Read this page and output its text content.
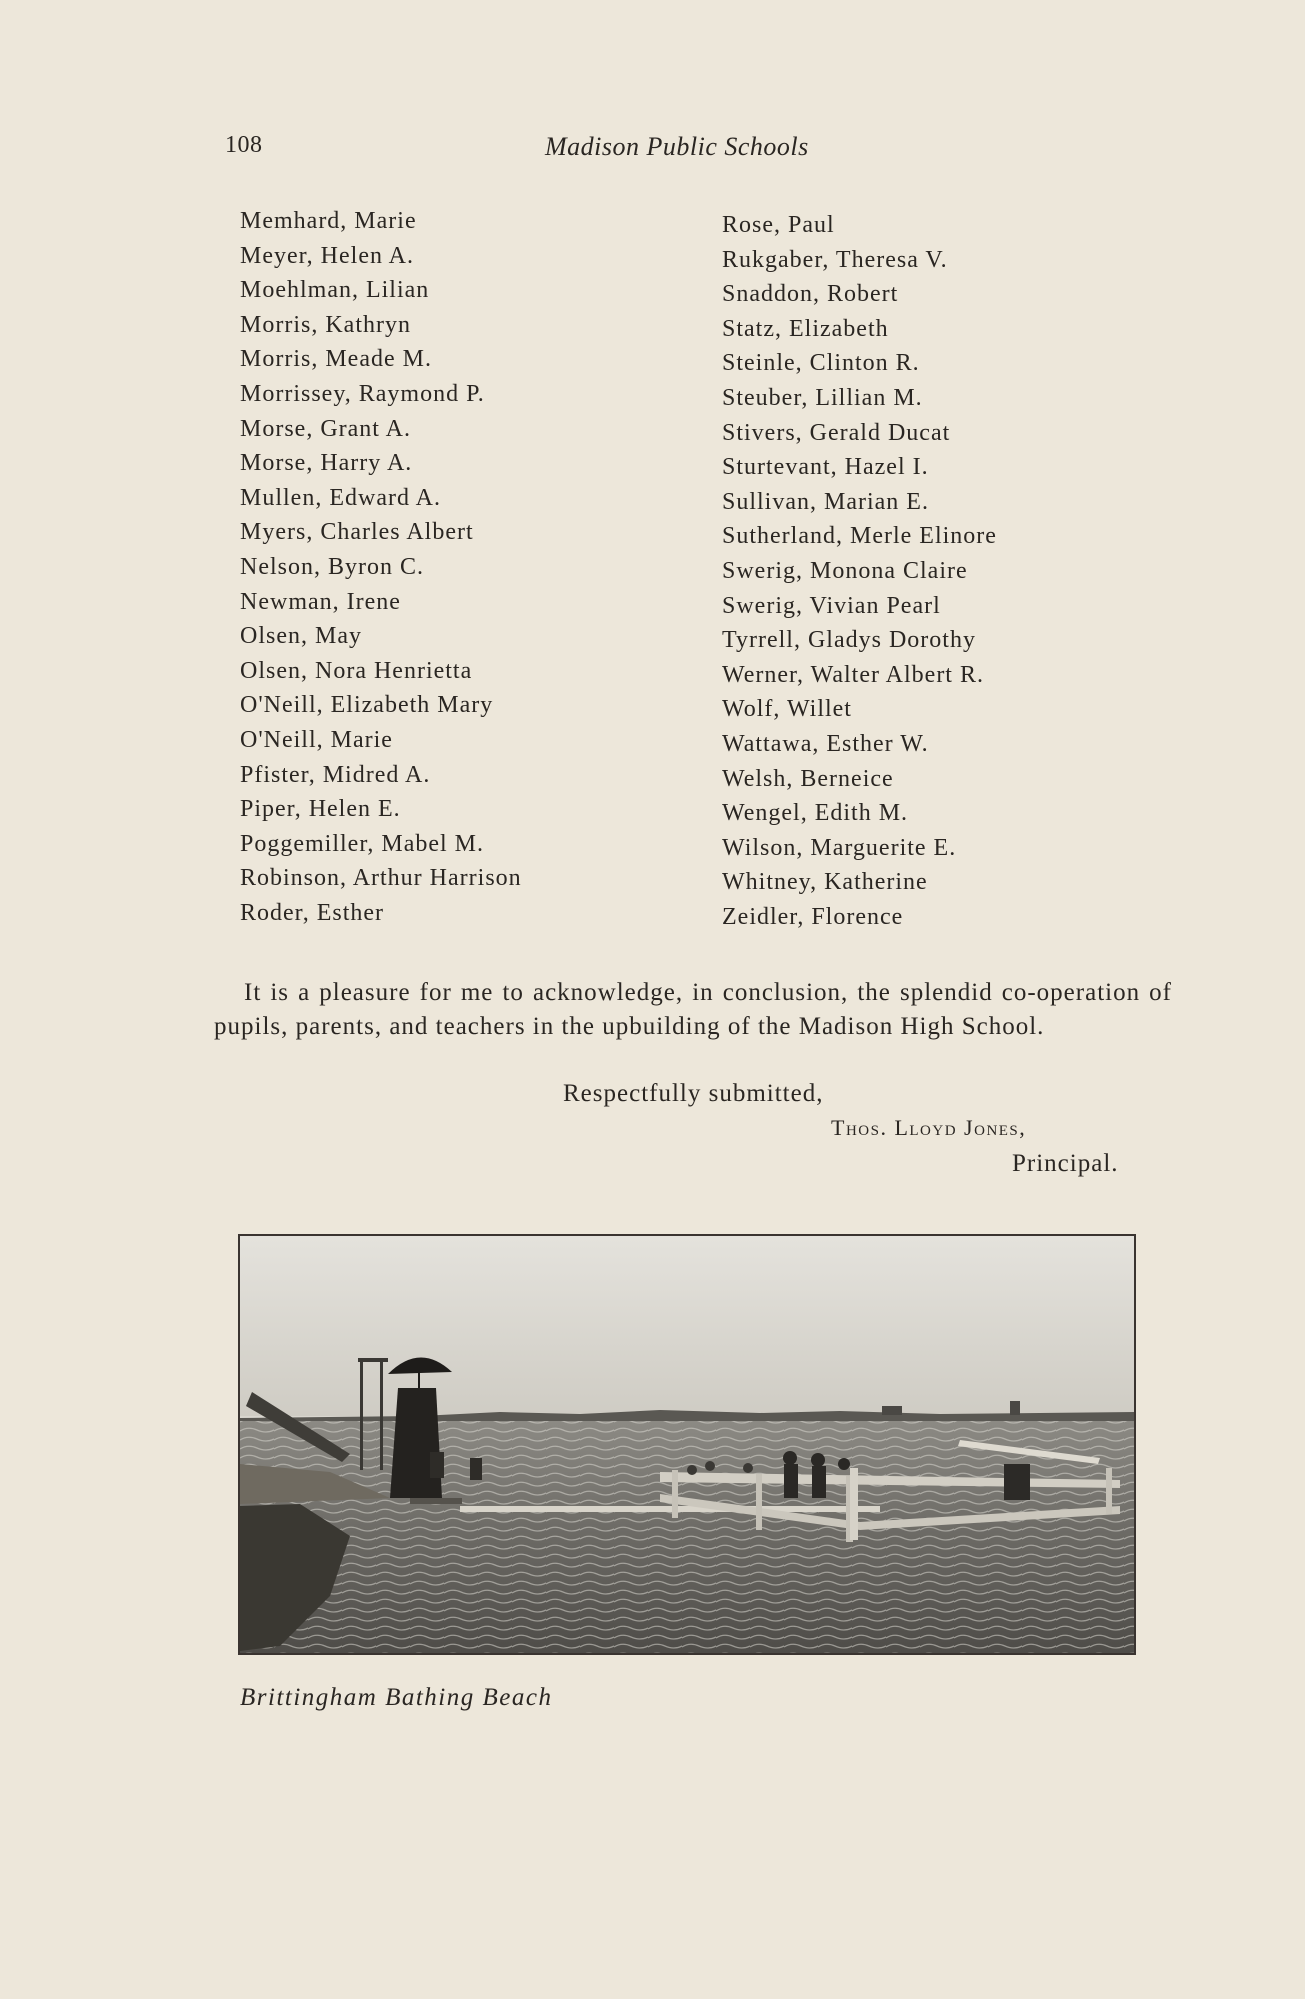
108	Madison Public Schools
Memhard, Marie
Meyer, Helen A.
Moehlman, Lilian
Morris, Kathryn
Morris, Meade M.
Morrissey, Raymond P.
Morse, Grant A.
Morse, Harry A.
Mullen, Edward A.
Myers, Charles Albert
Nelson, Byron C.
Newman, Irene
Olsen, May
Olsen, Nora Henrietta
O'Neill, Elizabeth Mary
O'Neill, Marie
Pfister, Midred A.
Piper, Helen E.
Poggemiller, Mabel M.
Robinson, Arthur Harrison
Roder, Esther
Rose, Paul
Rukgaber, Theresa V.
Snaddon, Robert
Statz, Elizabeth
Steinle, Clinton R.
Steuber, Lillian M.
Stivers, Gerald Ducat
Sturtevant, Hazel I.
Sullivan, Marian E.
Sutherland, Merle Elinore
Swerig, Monona Claire
Swerig, Vivian Pearl
Tyrrell, Gladys Dorothy
Werner, Walter Albert R.
Wolf, Willet
Wattawa, Esther W.
Welsh, Berneice
Wengel, Edith M.
Wilson, Marguerite E.
Whitney, Katherine
Zeidler, Florence

It is a pleasure for me to acknowledge, in conclusion, the splendid co-operation of pupils, parents, and teachers in the upbuilding of the Madison High School.

Respectfully submitted,
Thos. Lloyd Jones,
Principal.
Brittingham Bathing Beach
